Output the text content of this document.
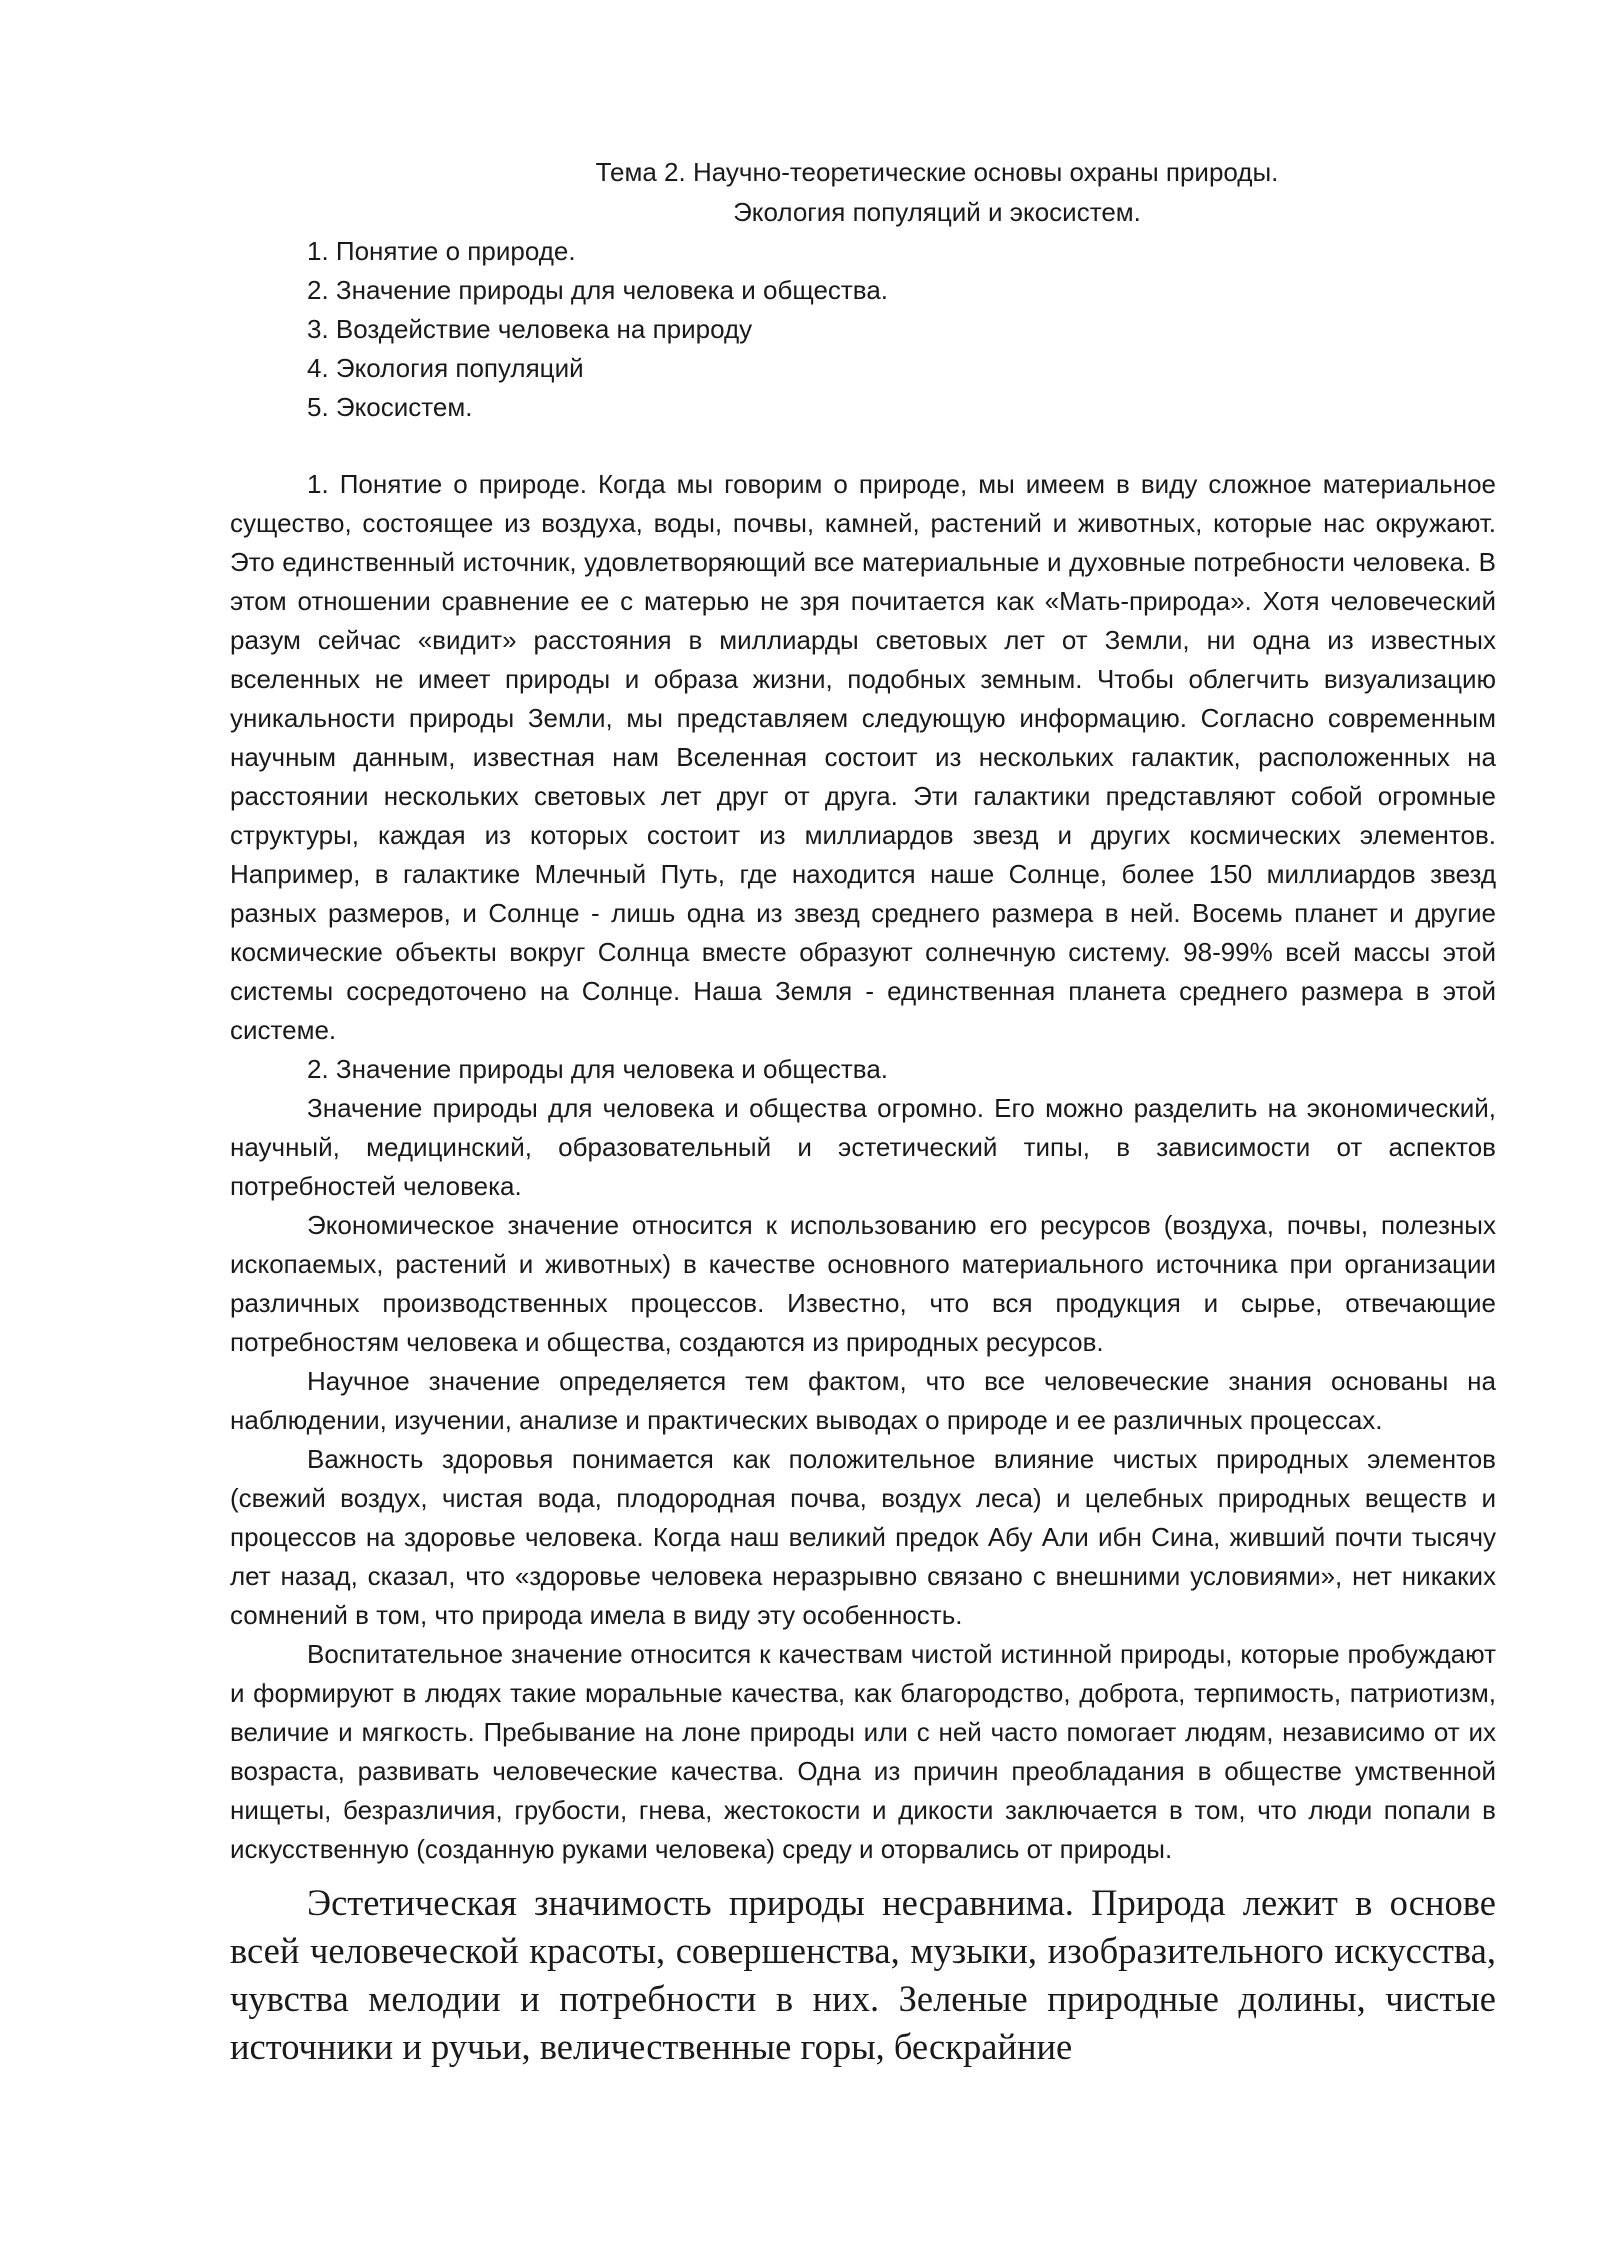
Тема 2. Научно-теоретические основы охраны природы.
Экология популяций и экосистем.
1. Понятие о природе.
2. Значение природы для человека и общества.
3. Воздействие человека на природу
4. Экология популяций
5. Экосистем.

1. Понятие о природе. Когда мы говорим о природе, мы имеем в виду сложное материальное существо, состоящее из воздуха, воды, почвы, камней, растений и животных, которые нас окружают. Это единственный источник, удовлетворяющий все материальные и духовные потребности человека. В этом отношении сравнение ее с матерью не зря почитается как «Мать-природа». Хотя человеческий разум сейчас «видит» расстояния в миллиарды световых лет от Земли, ни одна из известных вселенных не имеет природы и образа жизни, подобных земным. Чтобы облегчить визуализацию уникальности природы Земли, мы представляем следующую информацию. Согласно современным научным данным, известная нам Вселенная состоит из нескольких галактик, расположенных на расстоянии нескольких световых лет друг от друга. Эти галактики представляют собой огромные структуры, каждая из которых состоит из миллиардов звезд и других космических элементов. Например, в галактике Млечный Путь, где находится наше Солнце, более 150 миллиардов звезд разных размеров, и Солнце - лишь одна из звезд среднего размера в ней. Восемь планет и другие космические объекты вокруг Солнца вместе образуют солнечную систему. 98-99% всей массы этой системы сосредоточено на Солнце. Наша Земля - единственная планета среднего размера в этой системе.

2. Значение природы для человека и общества.

Значение природы для человека и общества огромно. Его можно разделить на экономический, научный, медицинский, образовательный и эстетический типы, в зависимости от аспектов потребностей человека.

Экономическое значение относится к использованию его ресурсов (воздуха, почвы, полезных ископаемых, растений и животных) в качестве основного материального источника при организации различных производственных процессов. Известно, что вся продукция и сырье, отвечающие потребностям человека и общества, создаются из природных ресурсов.

Научное значение определяется тем фактом, что все человеческие знания основаны на наблюдении, изучении, анализе и практических выводах о природе и ее различных процессах.

Важность здоровья понимается как положительное влияние чистых природных элементов (свежий воздух, чистая вода, плодородная почва, воздух леса) и целебных природных веществ и процессов на здоровье человека. Когда наш великий предок Абу Али ибн Сина, живший почти тысячу лет назад, сказал, что «здоровье человека неразрывно связано с внешними условиями», нет никаких сомнений в том, что природа имела в виду эту особенность.

Воспитательное значение относится к качествам чистой истинной природы, которые пробуждают и формируют в людях такие моральные качества, как благородство, доброта, терпимость, патриотизм, величие и мягкость. Пребывание на лоне природы или с ней часто помогает людям, независимо от их возраста, развивать человеческие качества. Одна из причин преобладания в обществе умственной нищеты, безразличия, грубости, гнева, жестокости и дикости заключается в том, что люди попали в искусственную (созданную руками человека) среду и оторвались от природы.

Эстетическая значимость природы несравнима. Природа лежит в основе всей человеческой красоты, совершенства, музыки, изобразительного искусства, чувства мелодии и потребности в них. Зеленые природные долины, чистые источники и ручьи, величественные горы, бескрайние
